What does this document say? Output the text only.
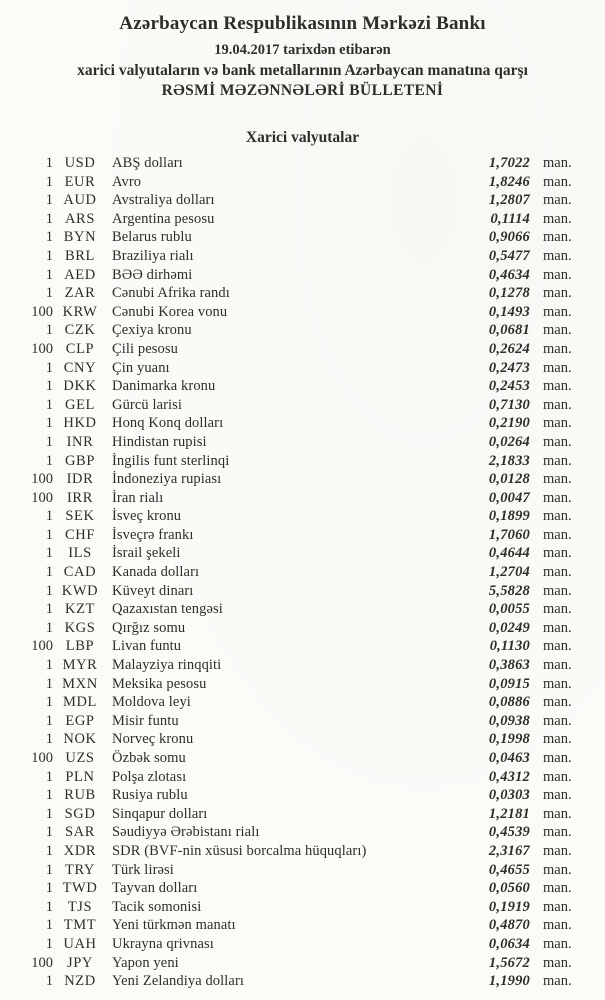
Azərbaycan Respublikasının Mərkəzi Bankı
19.04.2017 tarixdən etibarən
xarici valyutaların və bank metallarının Azərbaycan manatına qarşı
RƏSMİ MƏZƏNNƏLƏRİ BÜLLETENİ
Xarici valyutalar
1 USD	ABŞ dolları	1,7022 man.
1 EUR	Avro	1,8246 man.
1 AUD	Avstraliya dolları	1,2807 man.
1 ARS	Argentina pesosu	0,1114 man.
1 BYN	Belarus rublu	0,9066 man.
1 BRL	Braziliya rialı	0,5477 man.
1 AED	BƏƏ dirhəmi	0,4634 man.
1 ZAR	Cənubi Afrika randı	0,1278 man.
100 KRW	Cənubi Korea vonu	0,1493 man.
1 CZK	Çexiya kronu	0,0681 man.
100 CLP	Çili pesosu	0,2624 man.
1 CNY	Çin yuanı	0,2473 man.
1 DKK	Danimarka kronu	0,2453 man.
1 GEL	Gürcü larisi	0,7130 man.
1 HKD	Honq Konq dolları	0,2190 man.
1 INR	Hindistan rupisi	0,0264 man.
1 GBP	İngilis funt sterlinqi	2,1833 man.
100 IDR	İndoneziya rupiası	0,0128 man.
100 IRR	İran rialı	0,0047 man.
1 SEK	İsveç kronu	0,1899 man.
1 CHF	İsveçrə frankı	1,7060 man.
1	ILS	İsrail şekeli	0,4644 man.
1 CAD	Kanada dolları	1,2704 man.
1 KWD Küveyt dinarı	5,5828 man.
1 KZT	Qazaxıstan tengəsi	0,0055 man.
1 KGS	Qırğız somu	0,0249 man.
100 LBP	Livan funtu	0,1130 man.
1 MYR	Malayziya rinqqiti	0,3863 man.
1 MXN Meksika pesosu	0,0915 man.
1 MDL	Moldova leyi	0,0886 man.
1 EGP	Misir funtu	0,0938 man.
1 NOK	Norveç kronu	0,1998 man.
100 UZS	Özbək somu	0,0463 man.
1 PLN	Polşa zlotası	0,4312 man.
1 RUB	Rusiya rublu	0,0303 man.
1 SGD	Sinqapur dolları	1,2181 man.
1 SAR	Səudiyyə Ərəbistanı rialı	0,4539 man.
1 XDR	SDR (BVF-nin xüsusi borcalma hüquqları)	2,3167 man.
1 TRY	Türk lirəsi	0,4655 man.
1 TWD	Tayvan dolları	0,0560 man.
1	TJS	Tacik somonisi	0,1919 man.
1 TMT	Yeni türkmən manatı	0,4870 man.
1 UAH	Ukrayna qrivnası	0,0634 man.
100 JPY	Yapon yeni	1,5672 man.
1 NZD	Yeni Zelandiya dolları	1,1990 man.
